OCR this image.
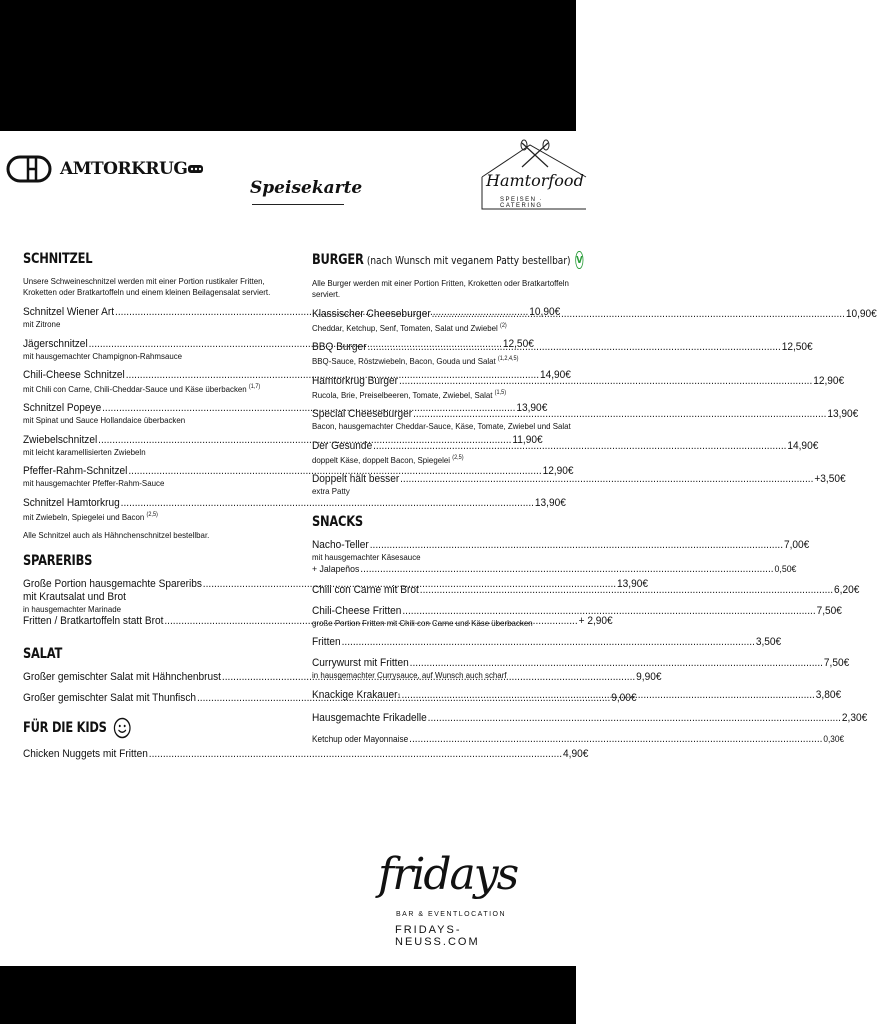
AMTORKRUG
Speisekarte	Hamtorfood
SPEISEN · CATERING
SCHNITZEL
Unsere Schweineschnitzel werden mit einer Portion rustikaler Fritten, Kroketten oder Bratkartoffeln und einem kleinen Beilagensalat serviert.
Schnitzel Wiener Art .....	10,90€
mit Zitrone
Jägerschnitzel .....	12,50€
mit hausgemachter Champignon-Rahmsauce
Chili-Cheese Schnitzel .....	14,90€
mit Chili con Carne, Chili-Cheddar-Sauce und Käse überbacken $^{(1,7)}$
Schnitzel Popeye .....	13,90€
mit Spinat und Sauce Hollandaice überbacken
Zwiebelschnitzel .....	11,90€
mit leicht karamellisierten Zwiebeln
Pfeffer-Rahm-Schnitzel .....	12,90€
mit hausgemachter Pfeffer-Rahm-Sauce
Schnitzel Hamtorkrug .....	13,90€
mit Zwiebeln, Spiegelei und Bacon $^{(2,5)}$
Alle Schnitzel auch als Hähnchenschnitzel bestellbar.
SPARERIBS
Große Portion hausgemachte Spareribs .....	13,90€
mit Krautsalat und Brot
in hausgemachter Marinade
Fritten / Bratkartoffeln statt Brot .....	+ 2,90€
SALAT
Großer gemischter Salat mit Hähnchenbrust .....	9,90€
Großer gemischter Salat mit Thunfisch .....	9,00€
FÜR DIE KIDS
Chicken Nuggets mit Fritten .....	4,90€
BURGER (nach Wunsch mit veganem Patty bestellbar) V
Alle Burger werden mit einer Portion Fritten, Kroketten oder Bratkartoffeln serviert.
Klassischer Cheeseburger .....	10,90€
Cheddar, Ketchup, Senf, Tomaten, Salat und Zwiebel $^{(2)}$
BBQ Burger .....	12,50€
BBQ-Sauce, Röstzwiebeln, Bacon, Gouda und Salat $^{(1,2,4,5)}$
Hamtorkrug Burger .....	12,90€
Rucola, Brie, Preiselbeeren, Tomate, Zwiebel, Salat $^{(1,5)}$
Special Cheeseburger .....	13,90€
Bacon, hausgemachter Cheddar-Sauce, Käse, Tomate, Zwiebel und Salat
Der Gesunde .....	14,90€
doppelt Käse, doppelt Bacon, Spiegelei $^{(2,5)}$
Doppelt hält besser .....	+3,50€
extra Patty
SNACKS
Nacho-Teller .....	7,00€
mit hausgemachter Käsesauce
+ Jalapeños .....	0,50€
Chili con Carne mit Brot .....	6,20€
Chili-Cheese Fritten .....	7,50€
große Portion Fritten mit Chili con Carne und Käse überbacken
Fritten .....	3,50€
Currywurst mit Fritten .....	7,50€
in hausgemachter Currysauce, auf Wunsch auch scharf
Knackige Krakauer 1 .....	3,80€
Hausgemachte Frikadelle .....	2,30€
Ketchup oder Mayonnaise .....	0,30€
fridays
BAR & EVENTLOCATION
FRIDAYS-NEUSS.COM
